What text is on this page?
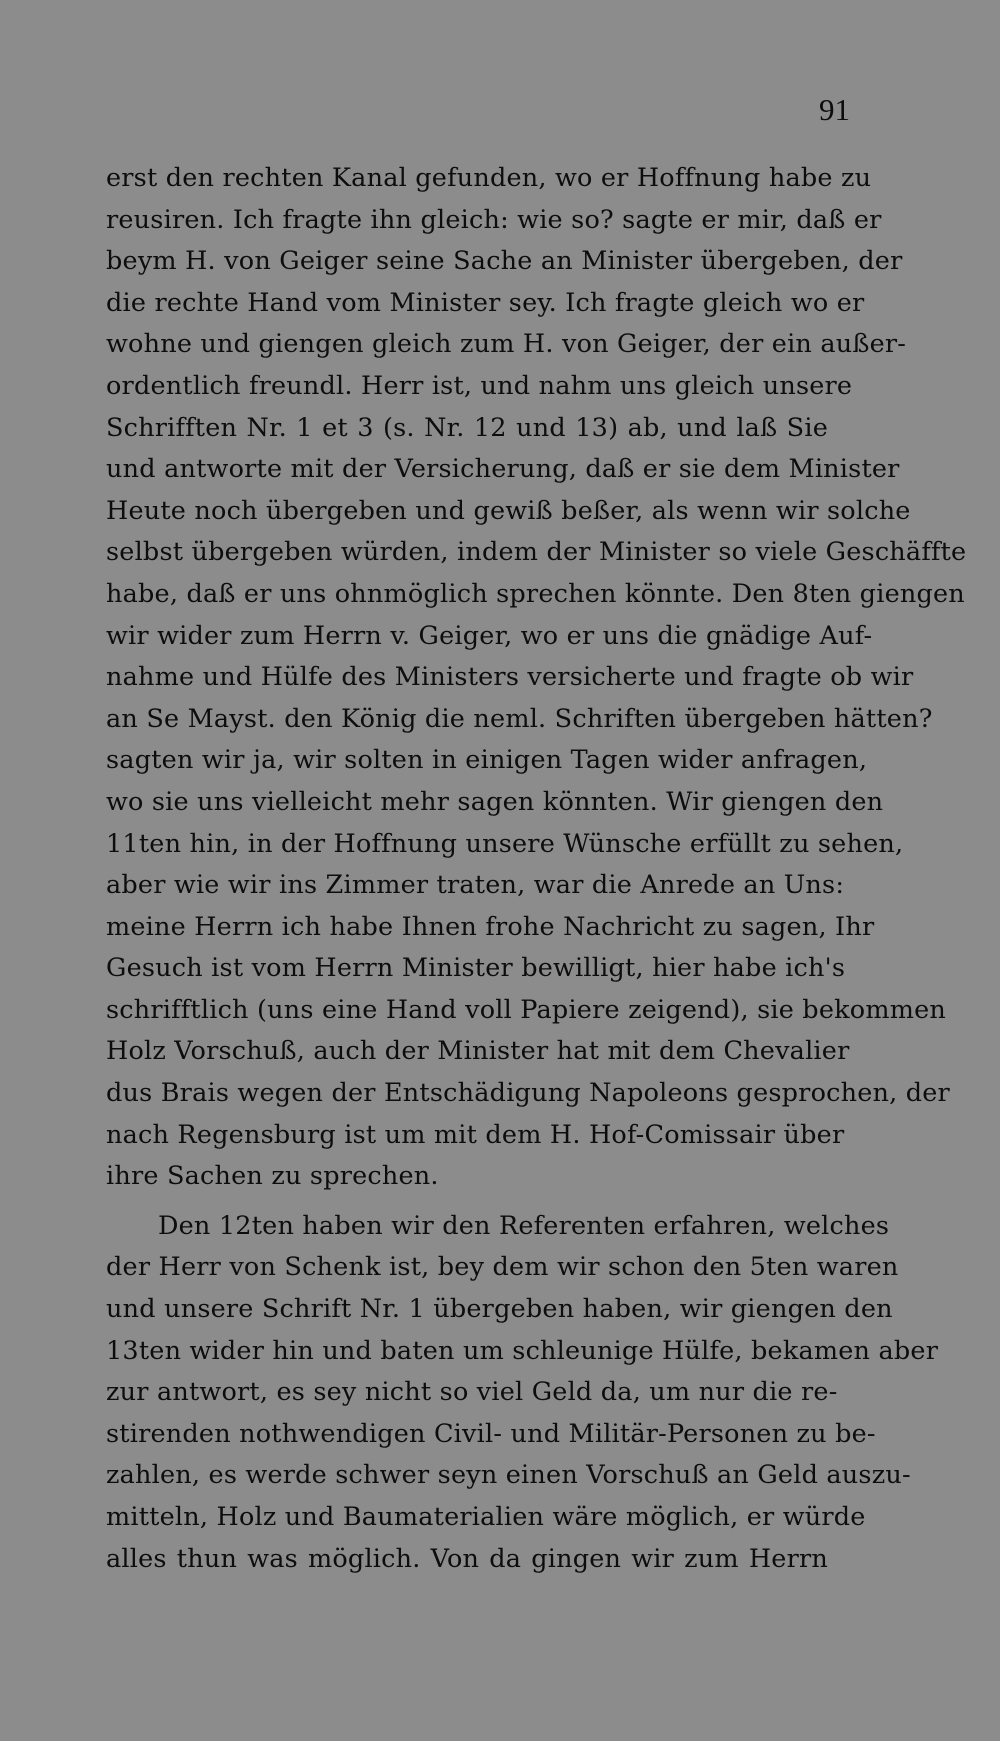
91
erst den rechten Kanal gefunden, wo er Hoffnung habe zu
reusiren. Ich fragte ihn gleich: wie so? sagte er mir, daß er
beym H. von Geiger seine Sache an Minister übergeben, der
die rechte Hand vom Minister sey. Ich fragte gleich wo er
wohne und giengen gleich zum H. von Geiger, der ein außer-
ordentlich freundl. Herr ist, und nahm uns gleich unsere
Schrifften Nr. 1 et 3 (s. Nr. 12 und 13) ab, und laß Sie
und antworte mit der Versicherung, daß er sie dem Minister
Heute noch übergeben und gewiß beßer, als wenn wir solche
selbst übergeben würden, indem der Minister so viele Geschäffte
habe, daß er uns ohnmöglich sprechen könnte. Den 8ten giengen
wir wider zum Herrn v. Geiger, wo er uns die gnädige Auf-
nahme und Hülfe des Ministers versicherte und fragte ob wir
an Se Mayst. den König die neml. Schriften übergeben hätten?
sagten wir ja, wir solten in einigen Tagen wider anfragen,
wo sie uns vielleicht mehr sagen könnten. Wir giengen den
11ten hin, in der Hoffnung unsere Wünsche erfüllt zu sehen,
aber wie wir ins Zimmer traten, war die Anrede an Uns:
meine Herrn ich habe Ihnen frohe Nachricht zu sagen, Ihr
Gesuch ist vom Herrn Minister bewilligt, hier habe ich's
schrifftlich (uns eine Hand voll Papiere zeigend), sie bekommen
Holz Vorschuß, auch der Minister hat mit dem Chevalier
dus Brais wegen der Entschädigung Napoleons gesprochen, der
nach Regensburg ist um mit dem H. Hof-Comissair über
ihre Sachen zu sprechen.
Den 12ten haben wir den Referenten erfahren, welches
der Herr von Schenk ist, bey dem wir schon den 5ten waren
und unsere Schrift Nr. 1 übergeben haben, wir giengen den
13ten wider hin und baten um schleunige Hülfe, bekamen aber
zur antwort, es sey nicht so viel Geld da, um nur die re-
stirenden nothwendigen Civil- und Militär-Personen zu be-
zahlen, es werde schwer seyn einen Vorschuß an Geld auszu-
mitteln, Holz und Baumaterialien wäre möglich, er würde
alles thun was möglich. Von da gingen wir zum Herrn
